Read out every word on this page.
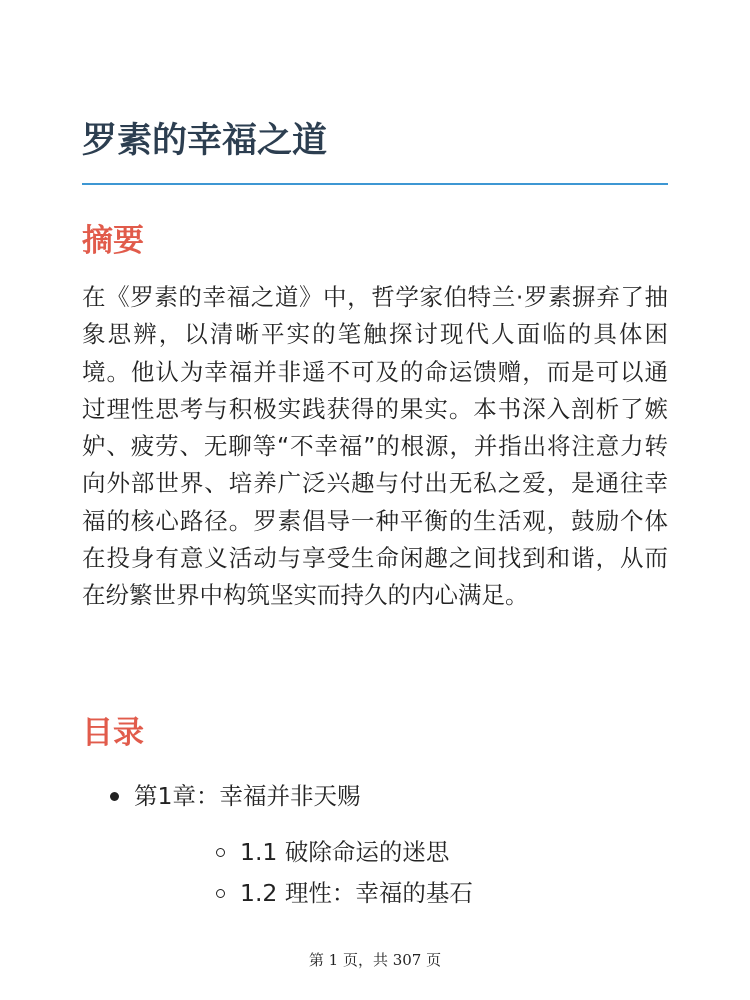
罗素的幸福之道
摘要

在《罗素的幸福之道》中，哲学家伯特兰·罗素摒弃了抽象思辨，以清晰平实的笔触探讨现代人面临的具体困境。他认为幸福并非遥不可及的命运馈赠，而是可以通过理性思考与积极实践获得的果实。本书深入剖析了嫉妒、疲劳、无聊等“不幸福”的根源，并指出将注意力转向外部世界、培养广泛兴趣与付出无私之爱，是通往幸福的核心路径。罗素倡导一种平衡的生活观，鼓励个体在投身有意义活动与享受生命闲趣之间找到和谐，从而在纷繁世界中构筑坚实而持久的内心满足。

目录
第1章：幸福并非天赐
1.1 破除命运的迷思
1.2 理性：幸福的基石
第 1 页，共 307 页
